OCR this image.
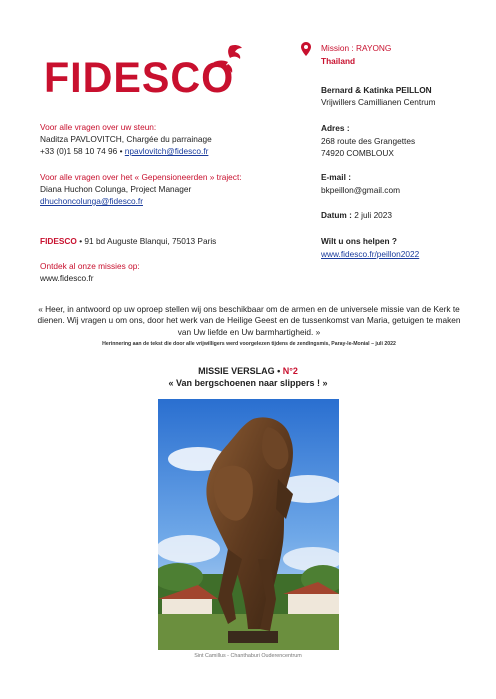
FIDESCO
Voor alle vragen over uw steun:
Naditza PAVLOVITCH, Chargée du parrainage
+33 (0)1 58 10 74 96 • npavlovitch@fidesco.fr
Voor alle vragen over het « Gepensioneerden » traject:
Diana Huchon Colunga, Project Manager
dhuchoncolunga@fidesco.fr
FIDESCO • 91 bd Auguste Blanqui, 75013 Paris
Ontdek al onze missies op:
www.fidesco.fr
Mission : RAYONG
Thailand
Bernard & Katinka PEILLON
Vrijwillers Camillianen Centrum
Adres :
268 route des Grangettes
74920 COMBLOUX
E-mail :
bkpeillon@gmail.com
Datum : 2 juli 2023
Wilt u ons helpen ?
www.fidesco.fr/peillon2022
« Heer, in antwoord op uw oproep stellen wij ons beschikbaar om de armen en de universele missie van de Kerk te dienen. Wij vragen u om ons, door het werk van de Heilige Geest en de tussenkomst van Maria, getuigen te maken van Uw liefde en Uw barmhartigheid. »
Herinnering aan de tekst die door alle vrijwilligers werd voorgelezen tijdens de zendingsmis, Paray-le-Monial – juli 2022
MISSIE VERSLAG • N°2
« Van bergschoenen naar slippers ! »
Sint Camillus - Chanthaburi Ouderencentrum
